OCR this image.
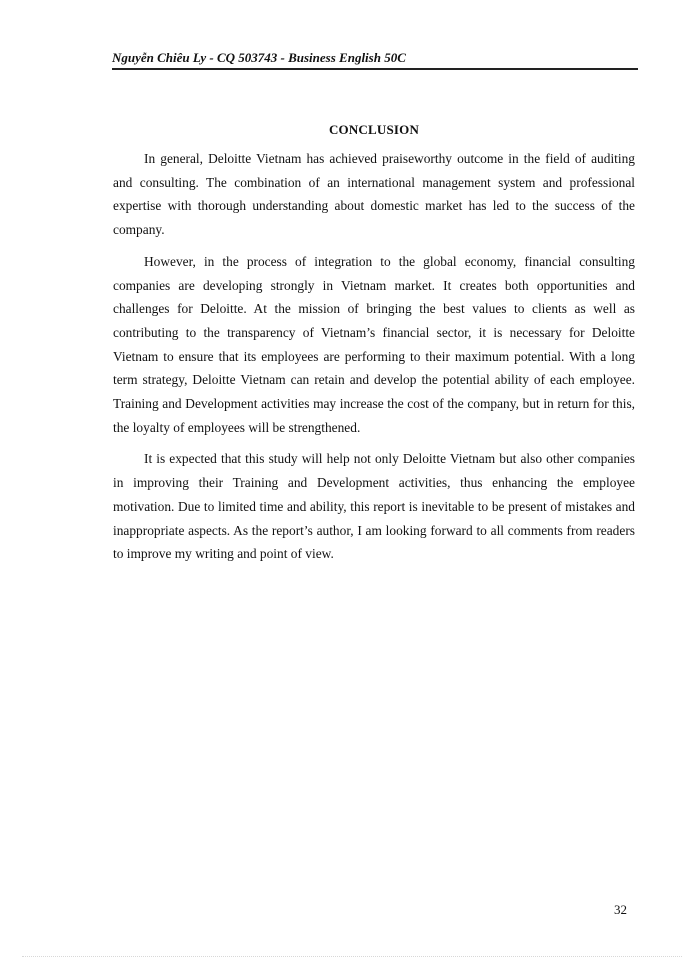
Nguyễn Chiêu Ly - CQ 503743 - Business English 50C
CONCLUSION

In general, Deloitte Vietnam has achieved praiseworthy outcome in the field of auditing and consulting. The combination of an international management system and professional expertise with thorough understanding about domestic market has led to the success of the company.

However, in the process of integration to the global economy, financial consulting companies are developing strongly in Vietnam market. It creates both opportunities and challenges for Deloitte. At the mission of bringing the best values to clients as well as contributing to the transparency of Vietnam’s financial sector, it is necessary for Deloitte Vietnam to ensure that its employees are performing to their maximum potential. With a long term strategy, Deloitte Vietnam can retain and develop the potential ability of each employee. Training and Development activities may increase the cost of the company, but in return for this, the loyalty of employees will be strengthened.

It is expected that this study will help not only Deloitte Vietnam but also other companies in improving their Training and Development activities, thus enhancing the employee motivation. Due to limited time and ability, this report is inevitable to be present of mistakes and inappropriate aspects. As the report’s author, I am looking forward to all comments from readers to improve my writing and point of view.

32
